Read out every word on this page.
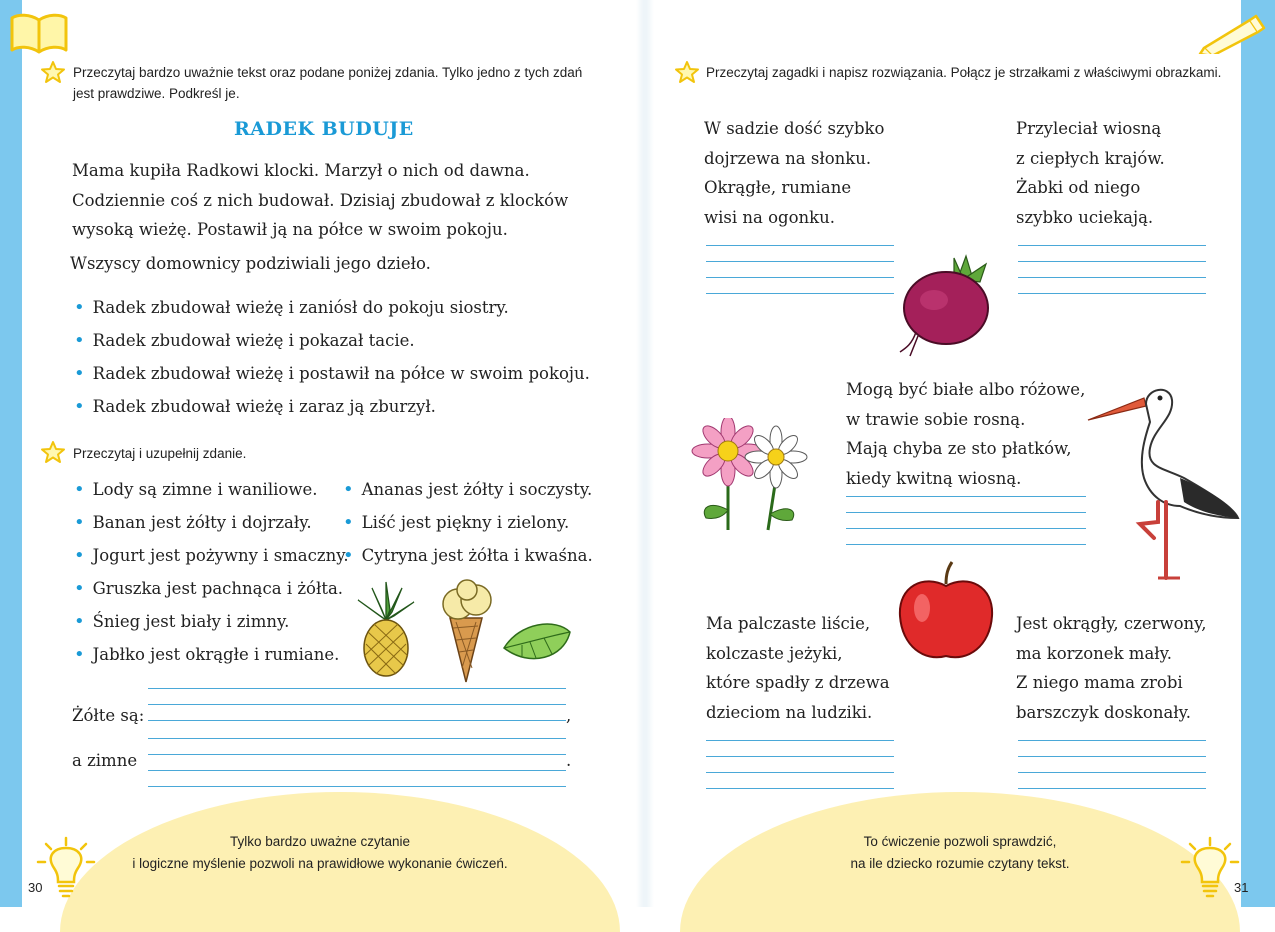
Przeczytaj bardzo uważnie tekst oraz podane poniżej zdania. Tylko jedno z tych zdań jest prawdziwe. Podkreśl je.
RADEK BUDUJE
Mama kupiła Radkowi klocki. Marzył o nich od dawna.
Codziennie coś z nich budował. Dzisiaj zbudował z klocków
wysoką wieżę. Postawił ją na półce w swoim pokoju.
Wszyscy domownicy podziwiali jego dzieło.
• Radek zbudował wieżę i zaniósł do pokoju siostry.
• Radek zbudował wieżę i pokazał tacie.
• Radek zbudował wieżę i postawił na półce w swoim pokoju.
• Radek zbudował wieżę i zaraz ją zburzył.
Przeczytaj i uzupełnij zdanie.
• Lody są zimne i waniliowe.
• Banan jest żółty i dojrzały.
• Jogurt jest pożywny i smaczny.
• Gruszka jest pachnąca i żółta.
• Śnieg jest biały i zimny.
• Jabłko jest okrągłe i rumiane.
• Ananas jest żółty i soczysty.
• Liść jest piękny i zielony.
• Cytryna jest żółta i kwaśna.
Żółte są:	,
a zimne	.
Tylko bardzo uważne czytanie
i logiczne myślenie pozwoli na prawidłowe wykonanie ćwiczeń.
30
Przeczytaj zagadki i napisz rozwiązania. Połącz je strzałkami z właściwymi obrazkami.
W sadzie dość szybko
dojrzewa na słonku.
Okrągłe, rumiane
wisi na ogonku.
Przyleciał wiosną
z ciepłych krajów.
Żabki od niego
szybko uciekają.
Mogą być białe albo różowe,
w trawie sobie rosną.
Mają chyba ze sto płatków,
kiedy kwitną wiosną.
Ma palczaste liście,
kolczaste jeżyki,
które spadły z drzewa
dzieciom na ludziki.
Jest okrągły, czerwony,
ma korzonek mały.
Z niego mama zrobi
barszczyk doskonały.
To ćwiczenie pozwoli sprawdzić,
na ile dziecko rozumie czytany tekst.
31
